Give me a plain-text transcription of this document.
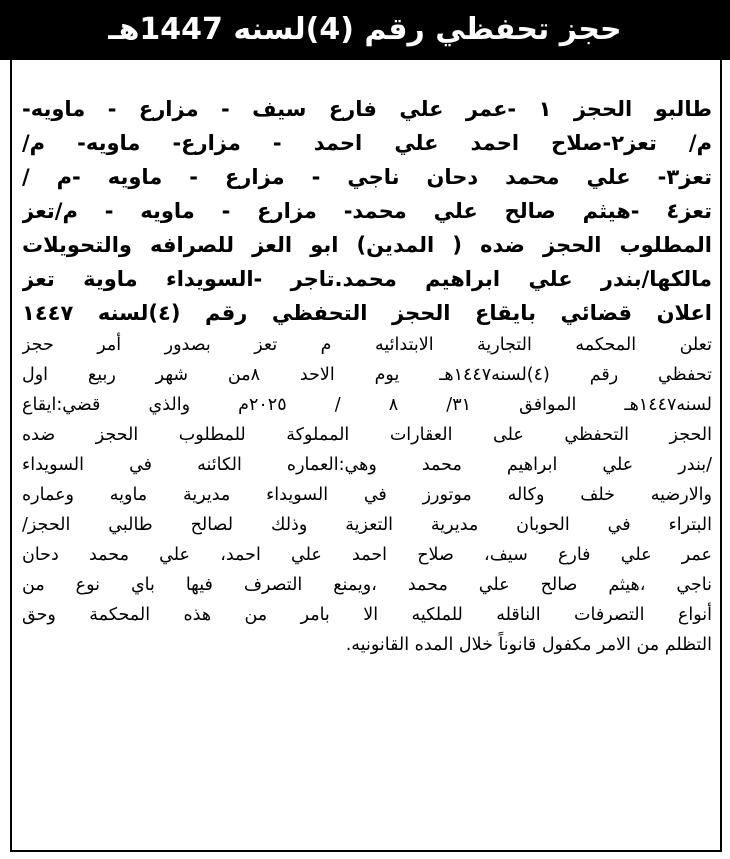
حجز تحفظي رقم (4)لسنه 1447هـ
طالبو الحجز ١ -عمر علي فارع سيف - مزارع - ماويه-
م/ تعز٢-صلاح احمد علي احمد - مزارع- ماويه- م/
تعز٣- علي محمد دحان ناجي - مزارع - ماويه -م /
تعز٤ -هيثم صالح علي محمد- مزارع - ماويه - م/تعز
المطلوب الحجز ضده ( المدين) ابو العز للصرافه والتحويلات
مالكها/بندر علي ابراهيم محمد.تاجر -السويداء ماوية تعز
اعلان قضائي بايقاع الحجز التحفظي رقم (٤)لسنه ١٤٤٧
تعلن المحكمه التجارية الابتدائيه م تعز بصدور أمر حجز
تحفظي رقم (٤)لسنه١٤٤٧هـ يوم الاحد ٨من شهر ربيع اول
لسنه١٤٤٧هـ الموافق ٣١/ ٨ / ٢٠٢٥م والذي قضي:ايقاع
الحجز التحفظي على العقارات المملوكة للمطلوب الحجز ضده
/بندر علي ابراهيم محمد وهي:العماره الكائنه في السويداء
والارضيه خلف وكاله موتورز في السويداء مديرية ماويه وعماره
البتراء في الحوبان مديرية التعزية وذلك لصالح طالبي الحجز/
عمر علي فارع سيف، صلاح احمد علي احمد، علي محمد دحان
ناجي ،هيثم صالح علي محمد ،ويمنع التصرف فيها باي نوع من
أنواع التصرفات الناقله للملكيه الا بامر من هذه المحكمة وحق
التظلم من الامر مكفول قانوناً خلال المده القانونيه.
